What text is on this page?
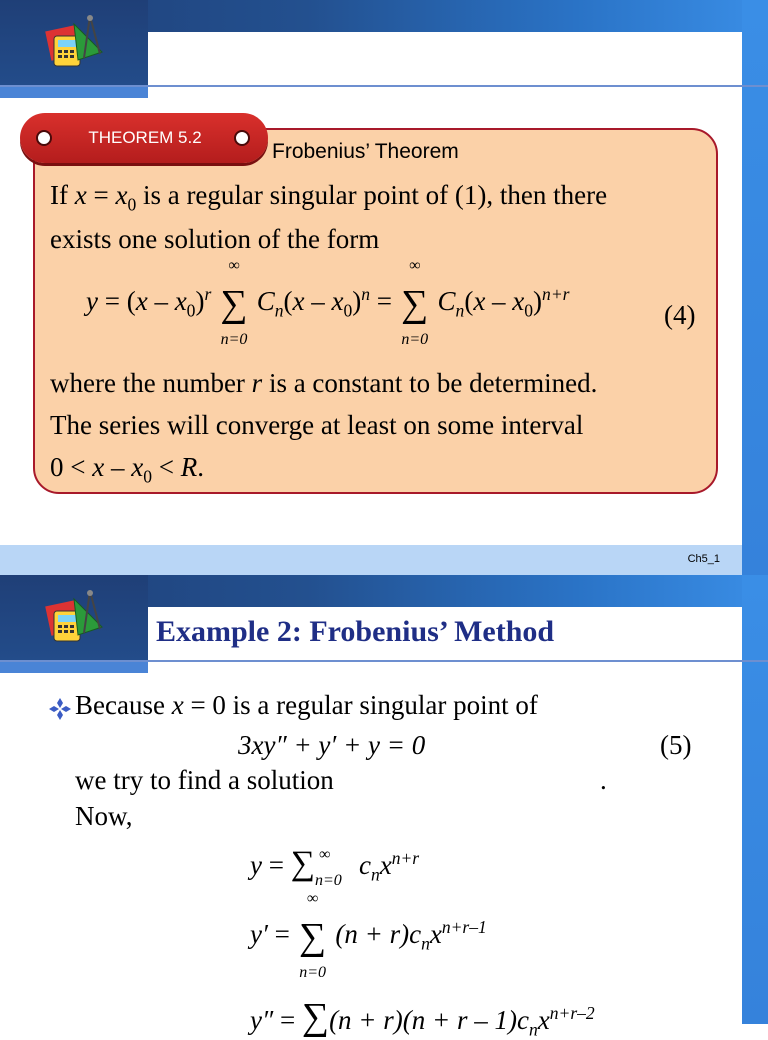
THEOREM 5.2
Frobenius’ Theorem
If $x = x_0$ is a regular singular point of (1), then there
exists one solution of the form
$y = (x - x_0)^r$
∞
∑
n=0
$C_n(x - x_0)^n$ =
∞
∑
n=0
$C_n(x - x_0)^{n+r}$
(4)
where the number r is a constant to be determined.
The series will converge at least on some interval
$0 < x - x_0 < R$.
Ch5_1
Example 2: Frobenius’ Method
Because x = 0 is a regular singular point of
3xy″ + y′ + y = 0	(5)
we try to find a solution	.
Now,
y = ∑ ∞
n=0
$c_nx^{n+r}$
y′ =
∞
∑
n=0
$(n + r)c_nx^{n+r-1}$
$y'' = \sum(n + r)(n + r - 1)c_nx^{n+r-2}$
